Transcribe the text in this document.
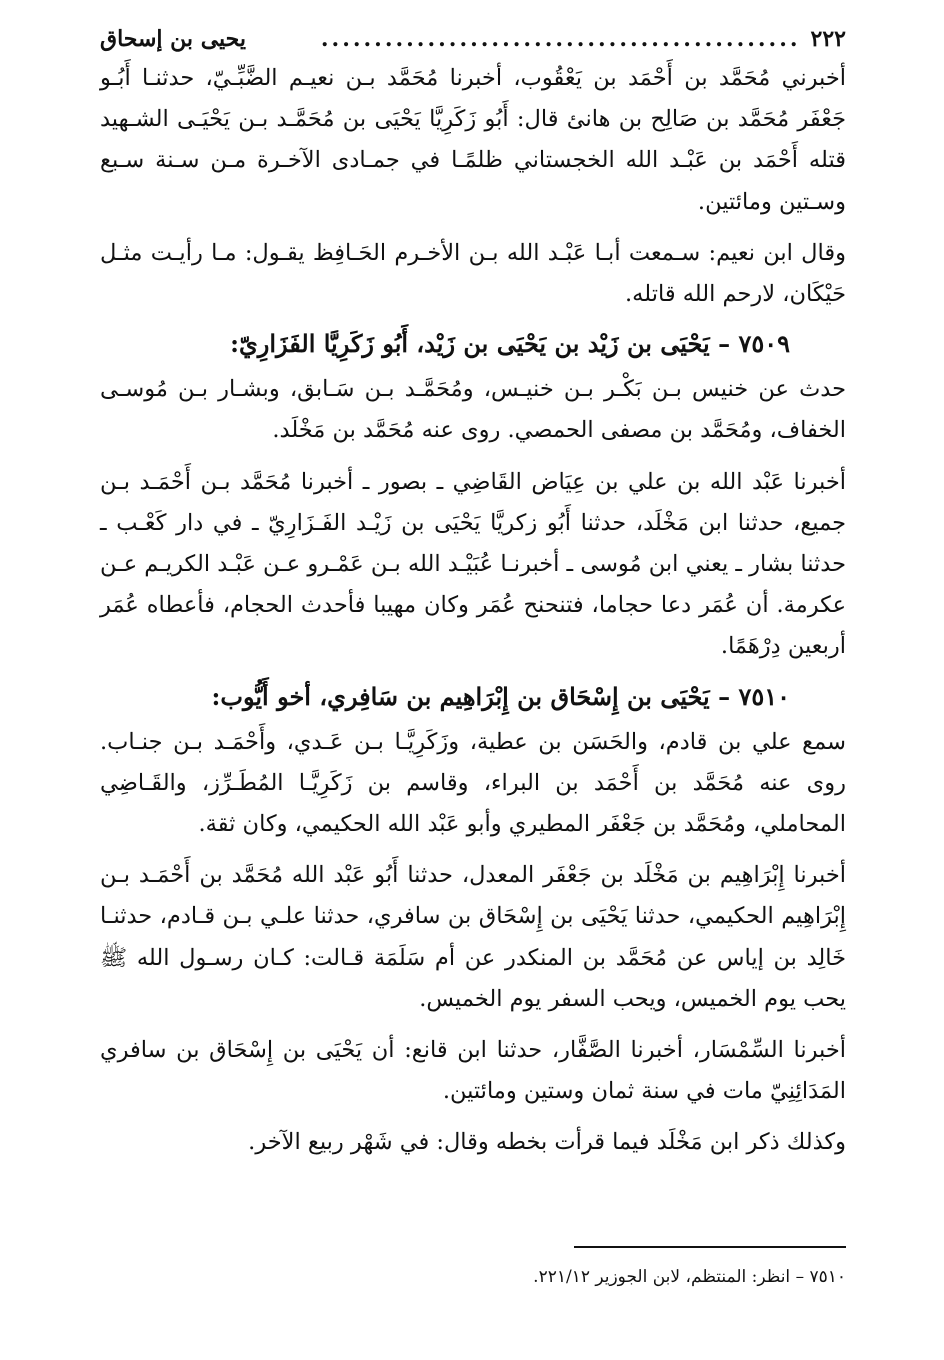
٢٢٢
.............................................
يحيى بن إسحاق

أخبرني مُحَمَّد بن أَحْمَد بن يَعْقُوب، أخبرنا مُحَمَّد بـن نعيـم الضَّبِّـيّ، حدثنـا أَبُـو جَعْفَر مُحَمَّد بن صَالِح بن هانئ قال: أَبُو زَكَرِيَّا يَحْيَى بن مُحَمَّـد بـن يَحْيَـى الشـهيد قتله أَحْمَد بن عَبْـد الله الخجستاني ظلمًـا في جمـادى الآخـرة مـن سـنة سـبع وسـتين ومائتين.

وقال ابن نعيم: سـمعت أبـا عَبْـد الله بـن الأخـرم الحَـافِظ يقـول: مـا رأيـت مثـل حَيْكَان، لارحم الله قاتله.

٧٥٠٩ – يَحْيَى بن زَيْد بن يَحْيَى بن زَيْد، أَبُو زَكَرِيَّا الفَزَارِيّ:

حدث عن خنيس بـن بَكْـر بـن خنيـس، ومُحَمَّـد بـن سَـابق، وبشـار بـن مُوسـى الخفاف، ومُحَمَّد بن مصفى الحمصي. روى عنه مُحَمَّد بن مَخْلَد.

أخبرنا عَبْد الله بن علي بن عِيَاض القَاضِي ـ بصور ـ أخبرنا مُحَمَّد بـن أَحْمَـد بـن جميع، حدثنا ابن مَخْلَد، حدثنا أَبُو زكريَّا يَحْيَى بن زَيْـد الفَـزَارِيّ ـ في دار كَعْـب ـ حدثنا بشار ـ يعني ابن مُوسى ـ أخبرنـا عُبَيْـد الله بـن عَمْـرو عـن عَبْـد الكريـم عـن عكرمة. أن عُمَر دعا حجاما، فتنحنح عُمَر وكان مهيبا فأحدث الحجام، فأعطاه عُمَر أربعين دِرْهَمًا.

٧٥١٠ – يَحْيَى بن إِسْحَاق بن إِبْرَاهِيم بن سَافِري، أخو أَيُّوب:

سمع علي بن قادم، والحَسَن بن عطية، وزَكَرِيَّـا بـن عَـدي، وأَحْمَـد بـن جنـاب. روى عنه مُحَمَّد بن أَحْمَد بن البراء، وقاسم بن زَكَرِيَّـا المُطَـرِّز، والقَـاضِي المحاملي، ومُحَمَّد بن جَعْفَر المطيري وأبو عَبْد الله الحكيمي، وكان ثقة.

أخبرنا إِبْرَاهِيم بن مَخْلَد بن جَعْفَر المعدل، حدثنا أَبُو عَبْد الله مُحَمَّد بن أَحْمَـد بـن إِبْرَاهِيم الحكيمي، حدثنا يَحْيَى بن إِسْحَاق بن سافري، حدثنا علـي بـن قـادم، حدثنـا خَالِد بن إياس عن مُحَمَّد بن المنكدر عن أم سَلَمَة قـالت: كـان رسـول الله ﷺ يحب يوم الخميس، ويحب السفر يوم الخميس.

أخبرنا السِّمْسَار، أخبرنا الصَّفَّار، حدثنا ابن قانع: أن يَحْيَى بن إِسْحَاق بن سافري المَدَائِنِيّ مات في سنة ثمان وستين ومائتين.

وكذلك ذكر ابن مَخْلَد فيما قرأت بخطه وقال: في شَهْر ربيع الآخر.

٧٥١٠ – انظر: المنتظم، لابن الجوزير ٢٢١/١٢.
